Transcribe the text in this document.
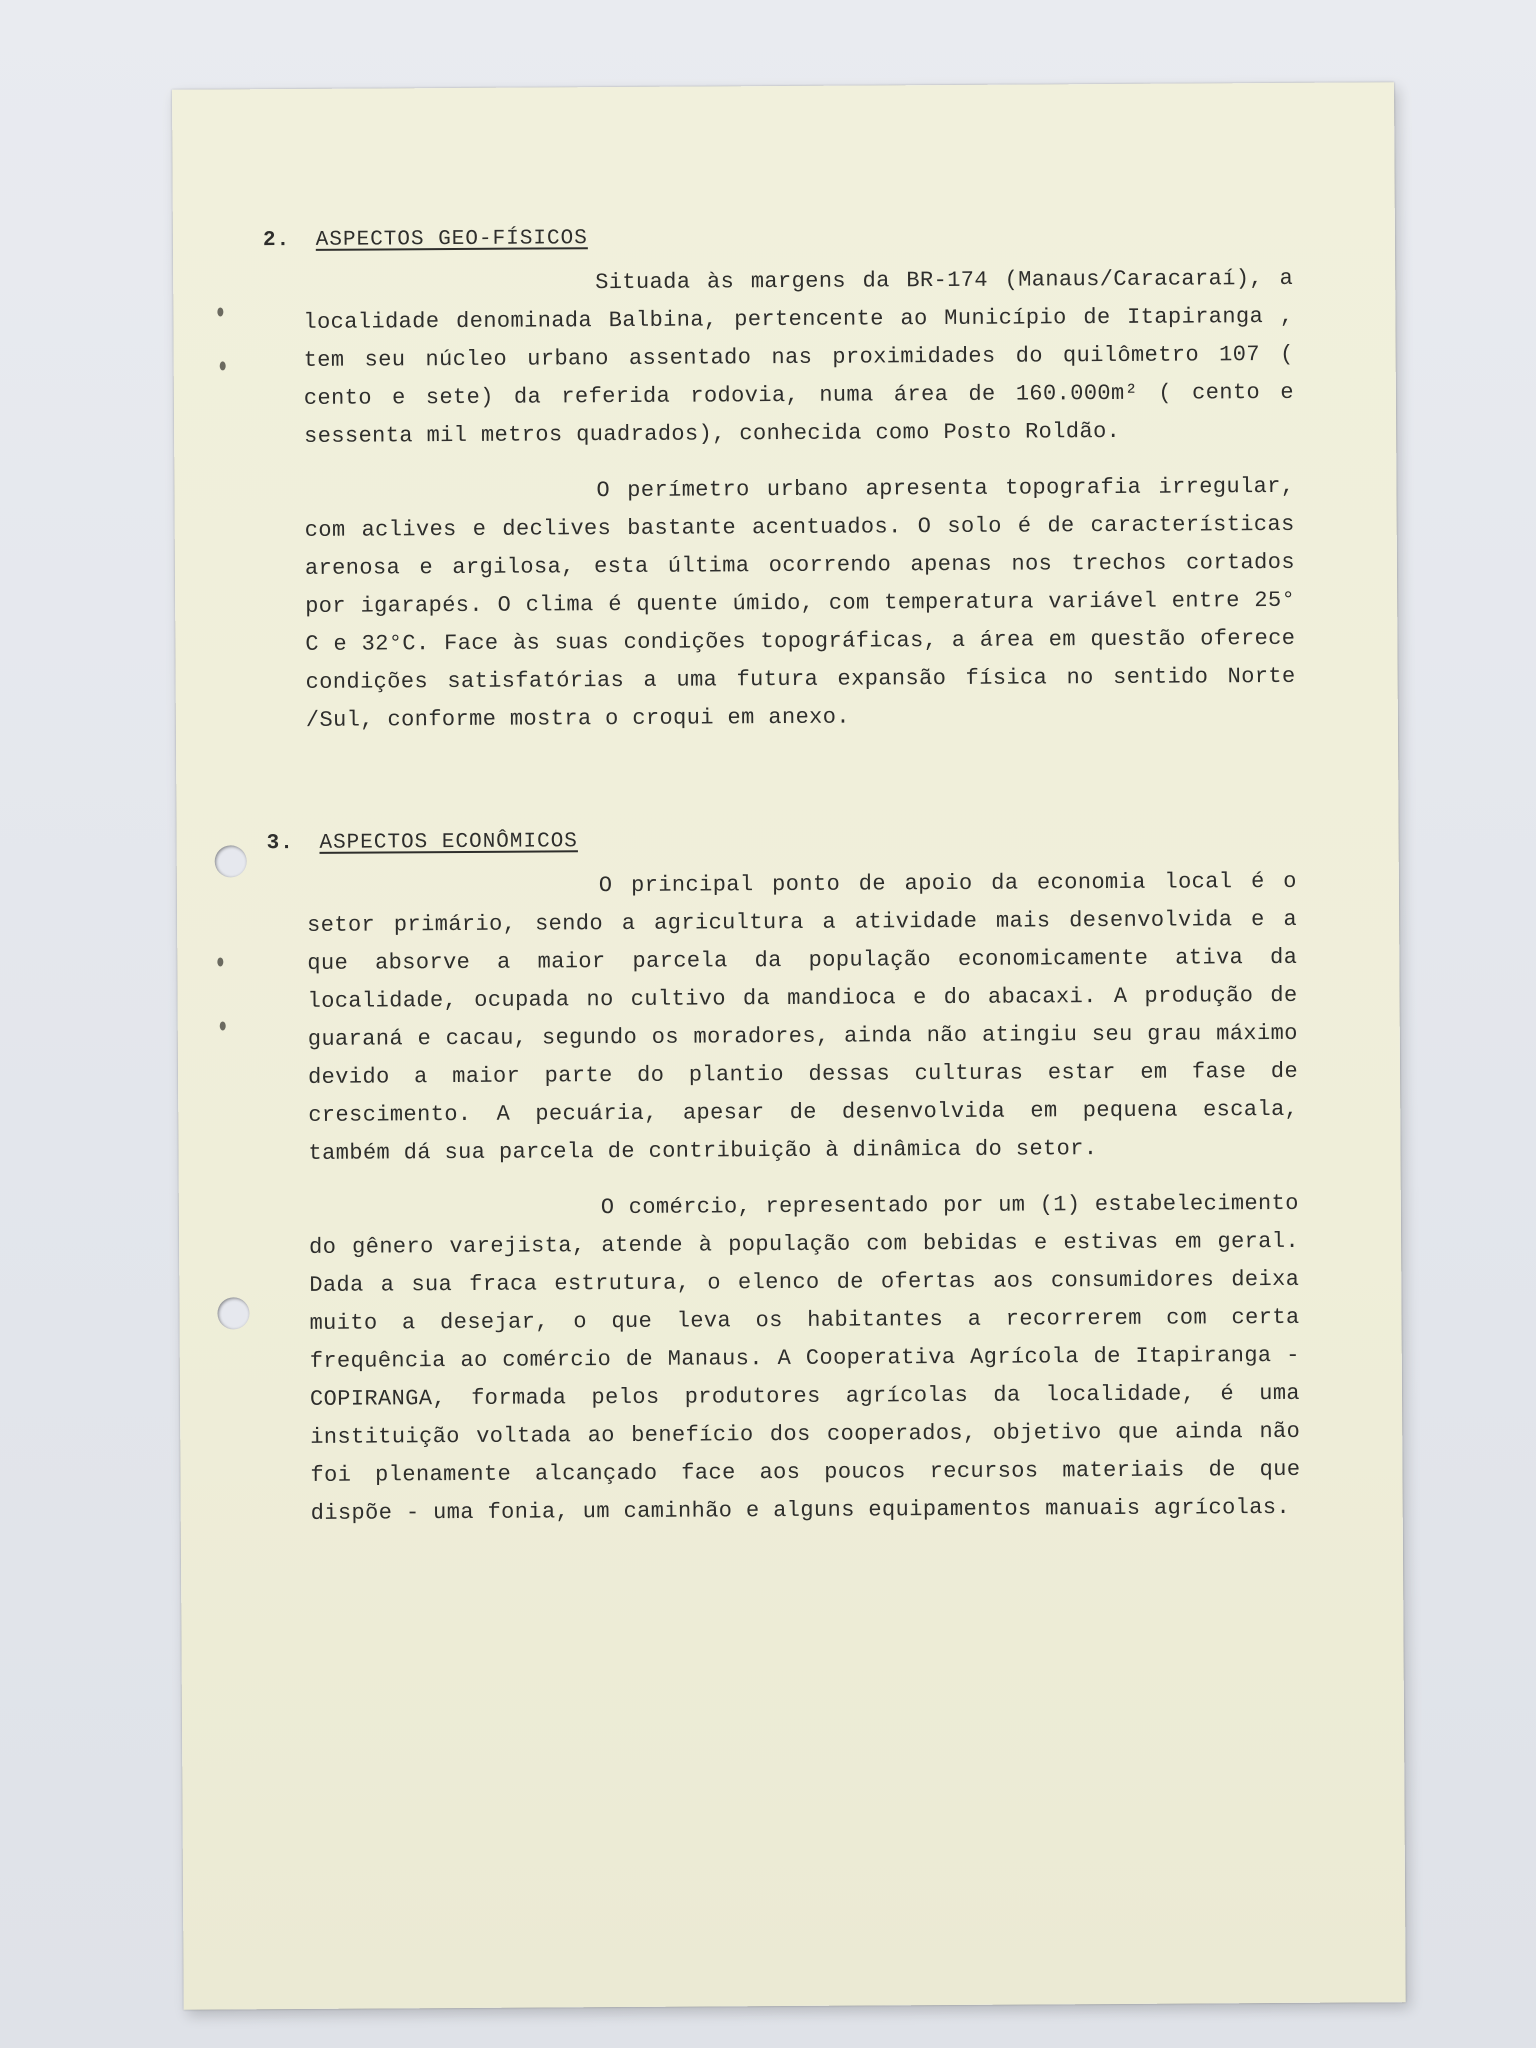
2. ASPECTOS GEO-FÍSICOS

Situada às margens da BR-174 (Manaus/Caracaraí), a localidade denominada Balbina, pertencente ao Município de Itapiranga , tem seu núcleo urbano assentado nas proximidades do quilômetro 107 ( cento e sete) da referida rodovia, numa área de 160.000m² ( cento e sessenta mil metros quadrados), conhecida como Posto Roldão.

O perímetro urbano apresenta topografia irregular, com aclives e declives bastante acentuados. O solo é de características arenosa e argilosa, esta última ocorrendo apenas nos trechos cortados por igarapés. O clima é quente úmido, com temperatura variável entre 25° C e 32°C. Face às suas condições topográficas, a área em questão oferece condições satisfatórias a uma futura expansão física no sentido Norte /Sul, conforme mostra o croqui em anexo.

3. ASPECTOS ECONÔMICOS

O principal ponto de apoio da economia local é o setor primário, sendo a agricultura a atividade mais desenvolvida e a que absorve a maior parcela da população economicamente ativa da localidade, ocupada no cultivo da mandioca e do abacaxi. A produção de guaraná e cacau, segundo os moradores, ainda não atingiu seu grau máximo devido a maior parte do plantio dessas culturas estar em fase de crescimento. A pecuária, apesar de desenvolvida em pequena escala, também dá sua parcela de contribuição à dinâmica do setor.

O comércio, representado por um (1) estabelecimento do gênero varejista, atende à população com bebidas e estivas em geral. Dada a sua fraca estrutura, o elenco de ofertas aos consumidores deixa muito a desejar, o que leva os habitantes a recorrerem com certa frequência ao comércio de Manaus. A Cooperativa Agrícola de Itapiranga - COPIRANGA, formada pelos produtores agrícolas da localidade, é uma instituição voltada ao benefício dos cooperados, objetivo que ainda não foi plenamente alcançado face aos poucos recursos materiais de que dispõe - uma fonia, um caminhão e alguns equipamentos manuais agrícolas.
